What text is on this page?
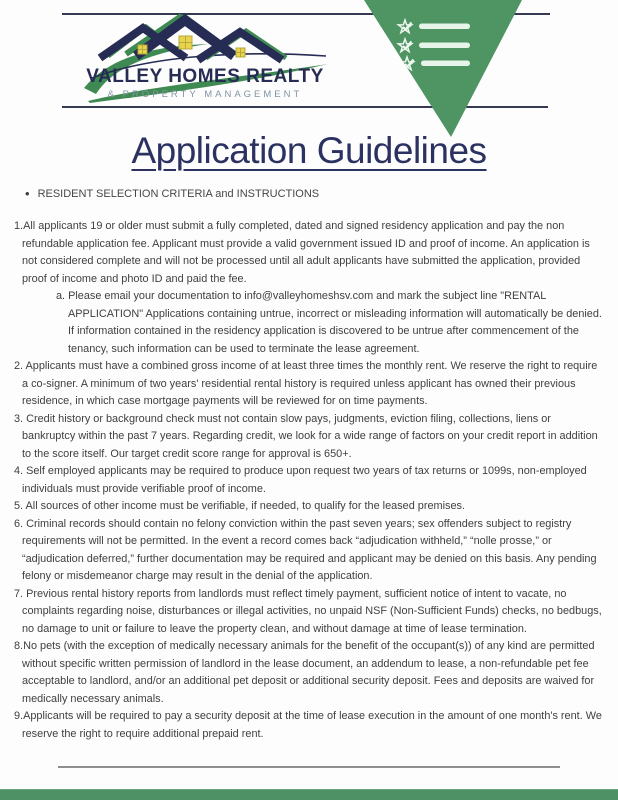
VALLEY HOMES REALTY
& PROPERTY MANAGEMENT
Application Guidelines
• RESIDENT SELECTION CRITERIA and INSTRUCTIONS
1.All applicants 19 or older must submit a fully completed, dated and signed residency application and pay the non refundable application fee. Applicant must provide a valid government issued ID and proof of income. An application is not considered complete and will not be processed until all adult applicants have submitted the application, provided proof of income and photo ID and paid the fee.
a. Please email your documentation to info@valleyhomeshsv.com and mark the subject line "RENTAL APPLICATION" Applications containing untrue, incorrect or misleading information will automatically be denied. If information contained in the residency application is discovered to be untrue after commencement of the tenancy, such information can be used to terminate the lease agreement.
2. Applicants must have a combined gross income of at least three times the monthly rent. We reserve the right to require a co-signer. A minimum of two years' residential rental history is required unless applicant has owned their previous residence, in which case mortgage payments will be reviewed for on time payments.
3. Credit history or background check must not contain slow pays, judgments, eviction filing, collections, liens or bankruptcy within the past 7 years. Regarding credit, we look for a wide range of factors on your credit report in addition to the score itself. Our target credit score range for approval is 650+.
4. Self employed applicants may be required to produce upon request two years of tax returns or 1099s, non-employed individuals must provide verifiable proof of income.
5. All sources of other income must be verifiable, if needed, to qualify for the leased premises.
6. Criminal records should contain no felony conviction within the past seven years; sex offenders subject to registry requirements will not be permitted. In the event a record comes back “adjudication withheld,” “nolle prosse,” or “adjudication deferred,” further documentation may be required and applicant may be denied on this basis. Any pending felony or misdemeanor charge may result in the denial of the application.
7. Previous rental history reports from landlords must reflect timely payment, sufficient notice of intent to vacate, no complaints regarding noise, disturbances or illegal activities, no unpaid NSF (Non-Sufficient Funds) checks, no bedbugs, no damage to unit or failure to leave the property clean, and without damage at time of lease termination.
8.No pets (with the exception of medically necessary animals for the benefit of the occupant(s)) of any kind are permitted without specific written permission of landlord in the lease document, an addendum to lease, a non-refundable pet fee acceptable to landlord, and/or an additional pet deposit or additional security deposit. Fees and deposits are waived for medically necessary animals.
9.Applicants will be required to pay a security deposit at the time of lease execution in the amount of one month's rent. We reserve the right to require additional prepaid rent.
